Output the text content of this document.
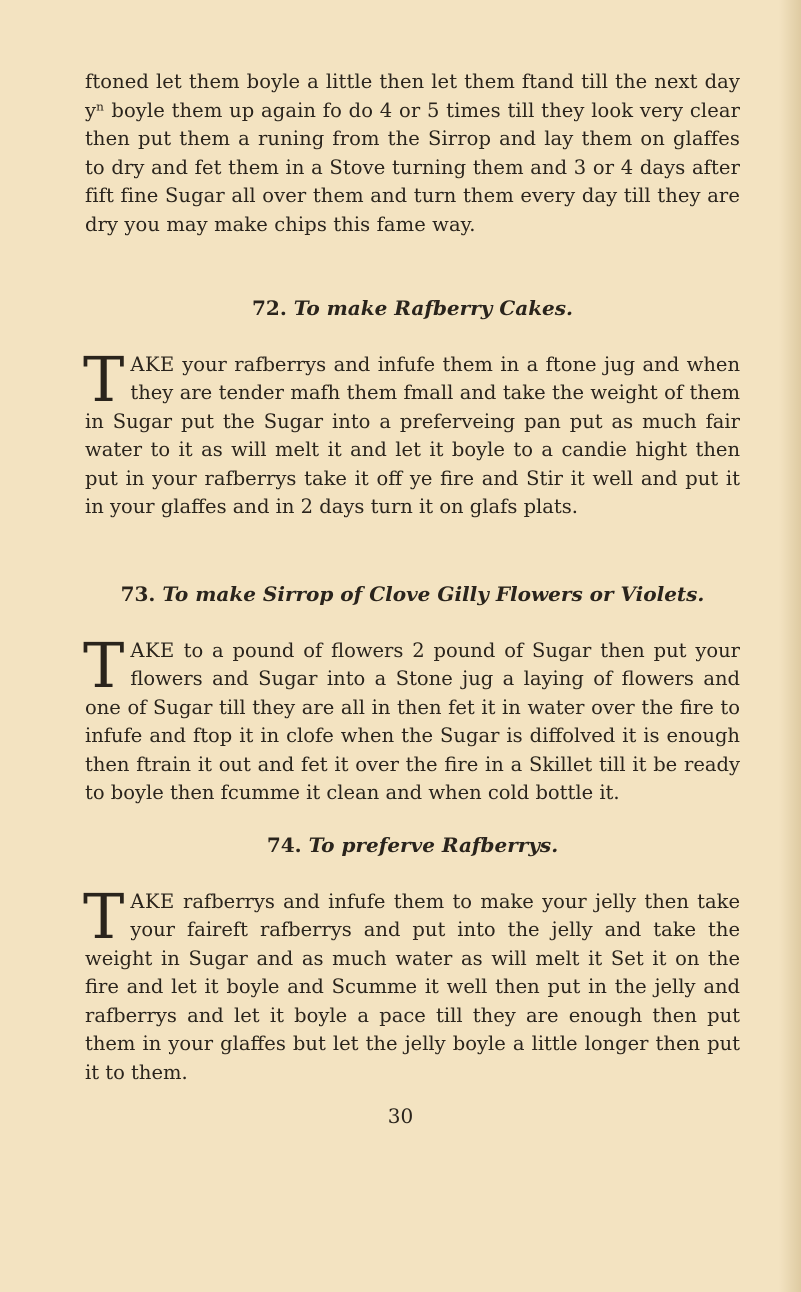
ftoned let them boyle a little then let them ftand till the next day yⁿ boyle them up again fo do 4 or 5 times till they look very clear then put them a runing from the Sirrop and lay them on glaffes to dry and fet them in a Stove turning them and 3 or 4 days after fift fine Sugar all over them and turn them every day till they are dry you may make chips this fame way.

72. To make Rafberry Cakes.

TAKE your rafberrys and infufe them in a ftone jug and when they are tender mafh them fmall and take the weight of them in Sugar put the Sugar into a preferveing pan put as much fair water to it as will melt it and let it boyle to a candie hight then put in your rafberrys take it off ye fire and Stir it well and put it in your glaffes and in 2 days turn it on glafs plats.

73. To make Sirrop of Clove Gilly Flowers or Violets.

TAKE to a pound of flowers 2 pound of Sugar then put your flowers and Sugar into a Stone jug a laying of flowers and one of Sugar till they are all in then fet it in water over the fire to infufe and ftop it in clofe when the Sugar is diffolved it is enough then ftrain it out and fet it over the fire in a Skillet till it be ready to boyle then fcumme it clean and when cold bottle it.

74. To preferve Rafberrys.

TAKE rafberrys and infufe them to make your jelly then take your faireft rafberrys and put into the jelly and take the weight in Sugar and as much water as will melt it Set it on the fire and let it boyle and Scumme it well then put in the jelly and rafberrys and let it boyle a pace till they are enough then put them in your glaffes but let the jelly boyle a little longer then put it to them.

30
